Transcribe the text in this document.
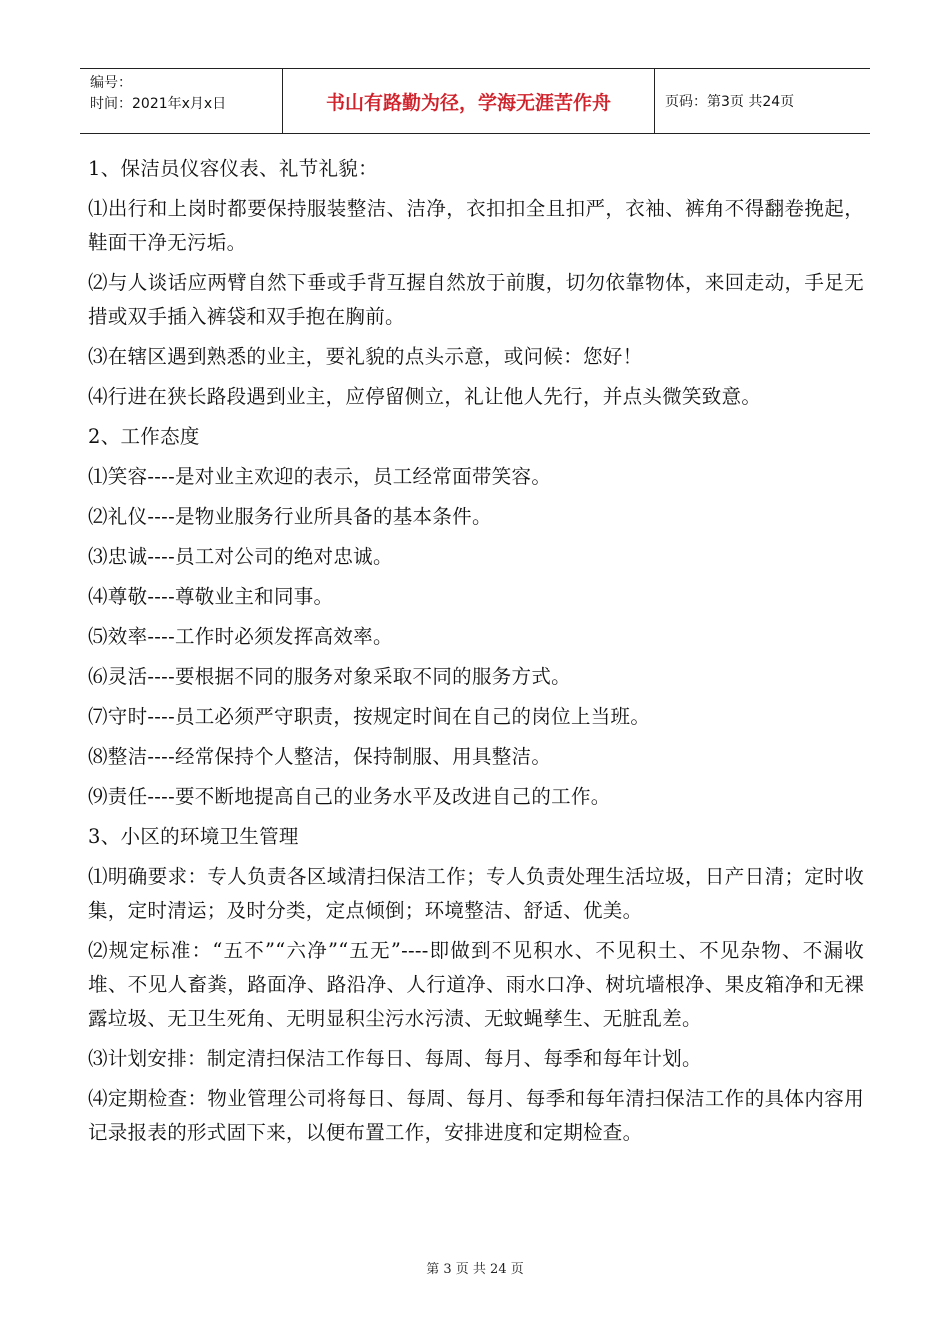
编号：
时间：2021年x月x日	书山有路勤为径，学海无涯苦作舟	页码：第3页 共24页

1、保洁员仪容仪表、礼节礼貌：

⑴出行和上岗时都要保持服装整洁、洁净，衣扣扣全且扣严，衣袖、裤角不得翻卷挽起，鞋面干净无污垢。

⑵与人谈话应两臂自然下垂或手背互握自然放于前腹，切勿依靠物体，来回走动，手足无措或双手插入裤袋和双手抱在胸前。

⑶在辖区遇到熟悉的业主，要礼貌的点头示意，或问候：您好！

⑷行进在狭长路段遇到业主，应停留侧立，礼让他人先行，并点头微笑致意。

2、工作态度

⑴笑容----是对业主欢迎的表示，员工经常面带笑容。

⑵礼仪----是物业服务行业所具备的基本条件。

⑶忠诚----员工对公司的绝对忠诚。

⑷尊敬----尊敬业主和同事。

⑸效率----工作时必须发挥高效率。

⑹灵活----要根据不同的服务对象采取不同的服务方式。

⑺守时----员工必须严守职责，按规定时间在自己的岗位上当班。

⑻整洁----经常保持个人整洁，保持制服、用具整洁。

⑼责任----要不断地提高自己的业务水平及改进自己的工作。

3、小区的环境卫生管理

⑴明确要求：专人负责各区域清扫保洁工作；专人负责处理生活垃圾，日产日清；定时收集，定时清运；及时分类，定点倾倒；环境整洁、舒适、优美。

⑵规定标准：“五不”“六净”“五无”----即做到不见积水、不见积土、不见杂物、不漏收堆、不见人畜粪，路面净、路沿净、人行道净、雨水口净、树坑墙根净、果皮箱净和无裸露垃圾、无卫生死角、无明显积尘污水污渍、无蚊蝇孳生、无脏乱差。

⑶计划安排：制定清扫保洁工作每日、每周、每月、每季和每年计划。

⑷定期检查：物业管理公司将每日、每周、每月、每季和每年清扫保洁工作的具体内容用记录报表的形式固下来，以便布置工作，安排进度和定期检查。

第 3 页 共 24 页
